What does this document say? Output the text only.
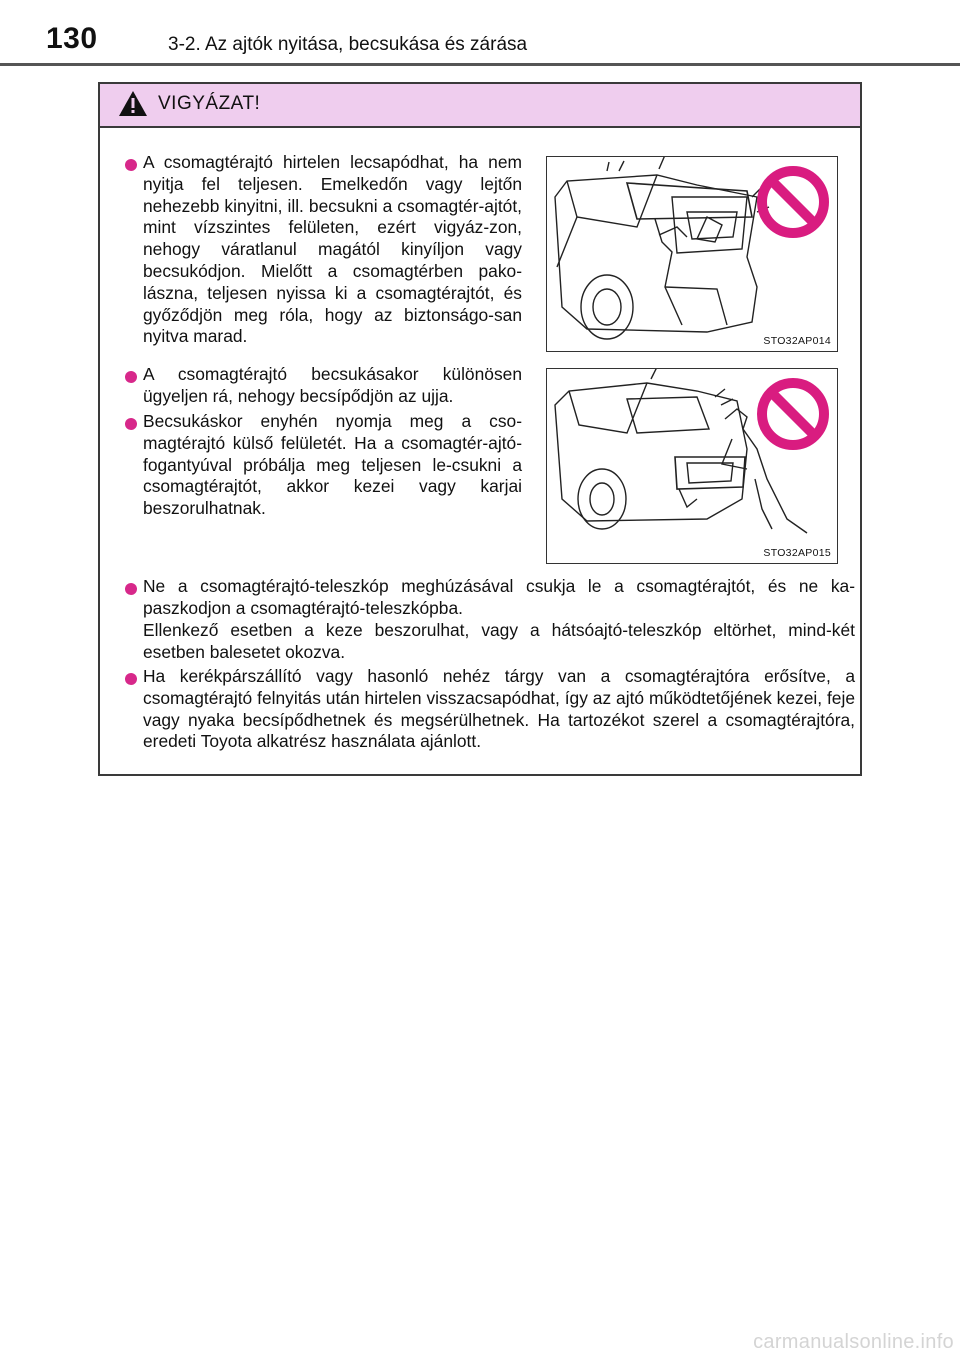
130	3-2. Az ajtók nyitása, becsukása és zárása
VIGYÁZAT!
A csomagtérajtó hirtelen lecsapódhat, ha nem nyitja fel teljesen. Emelkedőn vagy lejtőn nehezebb kinyitni, ill. becsukni a csomagtér-ajtót, mint vízszintes felületen, ezért vigyáz-zon, nehogy váratlanul magától kinyíljon vagy becsukódjon. Mielőtt a csomagtérben pako-lászna, teljesen nyissa ki a csomagtérajtót, és győződjön meg róla, hogy az biztonságo-san nyitva marad.	STO32AP014
A csomagtérajtó becsukásakor különösen ügyeljen rá, nehogy becsípődjön az ujja.
Becsukáskor enyhén nyomja meg a cso-magtérajtó külső felületét. Ha a csomagtér-ajtó-fogantyúval próbálja meg teljesen le-csukni a csomagtérajtót, akkor kezei vagy karjai beszorulhatnak.
STO32AP015
Ne a csomagtérajtó-teleszkóp meghúzásával csukja le a csomagtérajtót, és ne ka-paszkodjon a csomagtérajtó-teleszkópba.
Ellenkező esetben a keze beszorulhat, vagy a hátsóajtó-teleszkóp eltörhet, mind-két esetben balesetet okozva.
Ha kerékpárszállító vagy hasonló nehéz tárgy van a csomagtérajtóra erősítve, a csomagtérajtó felnyitás után hirtelen visszacsapódhat, így az ajtó működtetőjének kezei, feje vagy nyaka becsípődhetnek és megsérülhetnek. Ha tartozékot szerel a csomagtérajtóra, eredeti Toyota alkatrész használata ajánlott.
carmanualsonline.info
